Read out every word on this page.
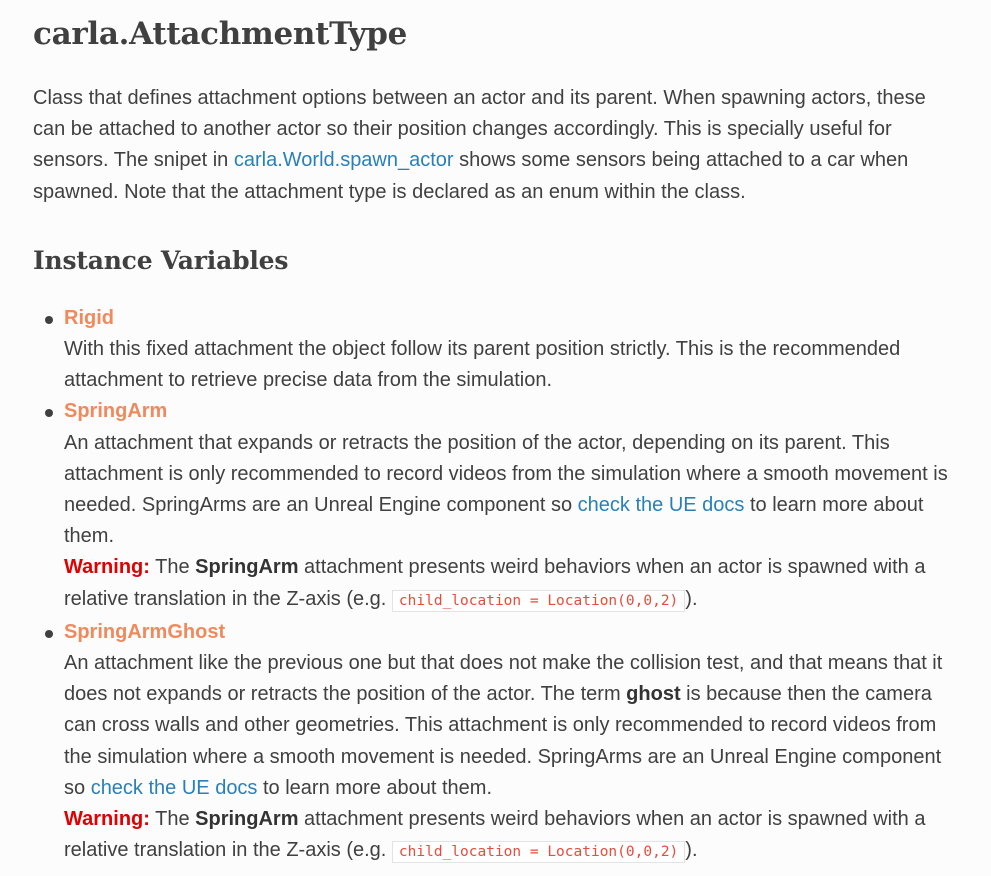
carla.AttachmentType

Class that defines attachment options between an actor and its parent. When spawning actors, these can be attached to another actor so their position changes accordingly. This is specially useful for sensors. The snipet in carla.World.spawn_actor shows some sensors being attached to a car when spawned. Note that the attachment type is declared as an enum within the class.

Instance Variables
Rigid
With this fixed attachment the object follow its parent position strictly. This is the recommended attachment to retrieve precise data from the simulation.
SpringArm
An attachment that expands or retracts the position of the actor, depending on its parent. This attachment is only recommended to record videos from the simulation where a smooth movement is needed. SpringArms are an Unreal Engine component so check the UE docs to learn more about them.
Warning: The SpringArm attachment presents weird behaviors when an actor is spawned with a relative translation in the Z-axis (e.g. child_location = Location(0,0,2) ).
SpringArmGhost
An attachment like the previous one but that does not make the collision test, and that means that it does not expands or retracts the position of the actor. The term ghost is because then the camera can cross walls and other geometries. This attachment is only recommended to record videos from the simulation where a smooth movement is needed. SpringArms are an Unreal Engine component so check the UE docs to learn more about them.
Warning: The SpringArm attachment presents weird behaviors when an actor is spawned with a relative translation in the Z-axis (e.g. child_location = Location(0,0,2) ).
